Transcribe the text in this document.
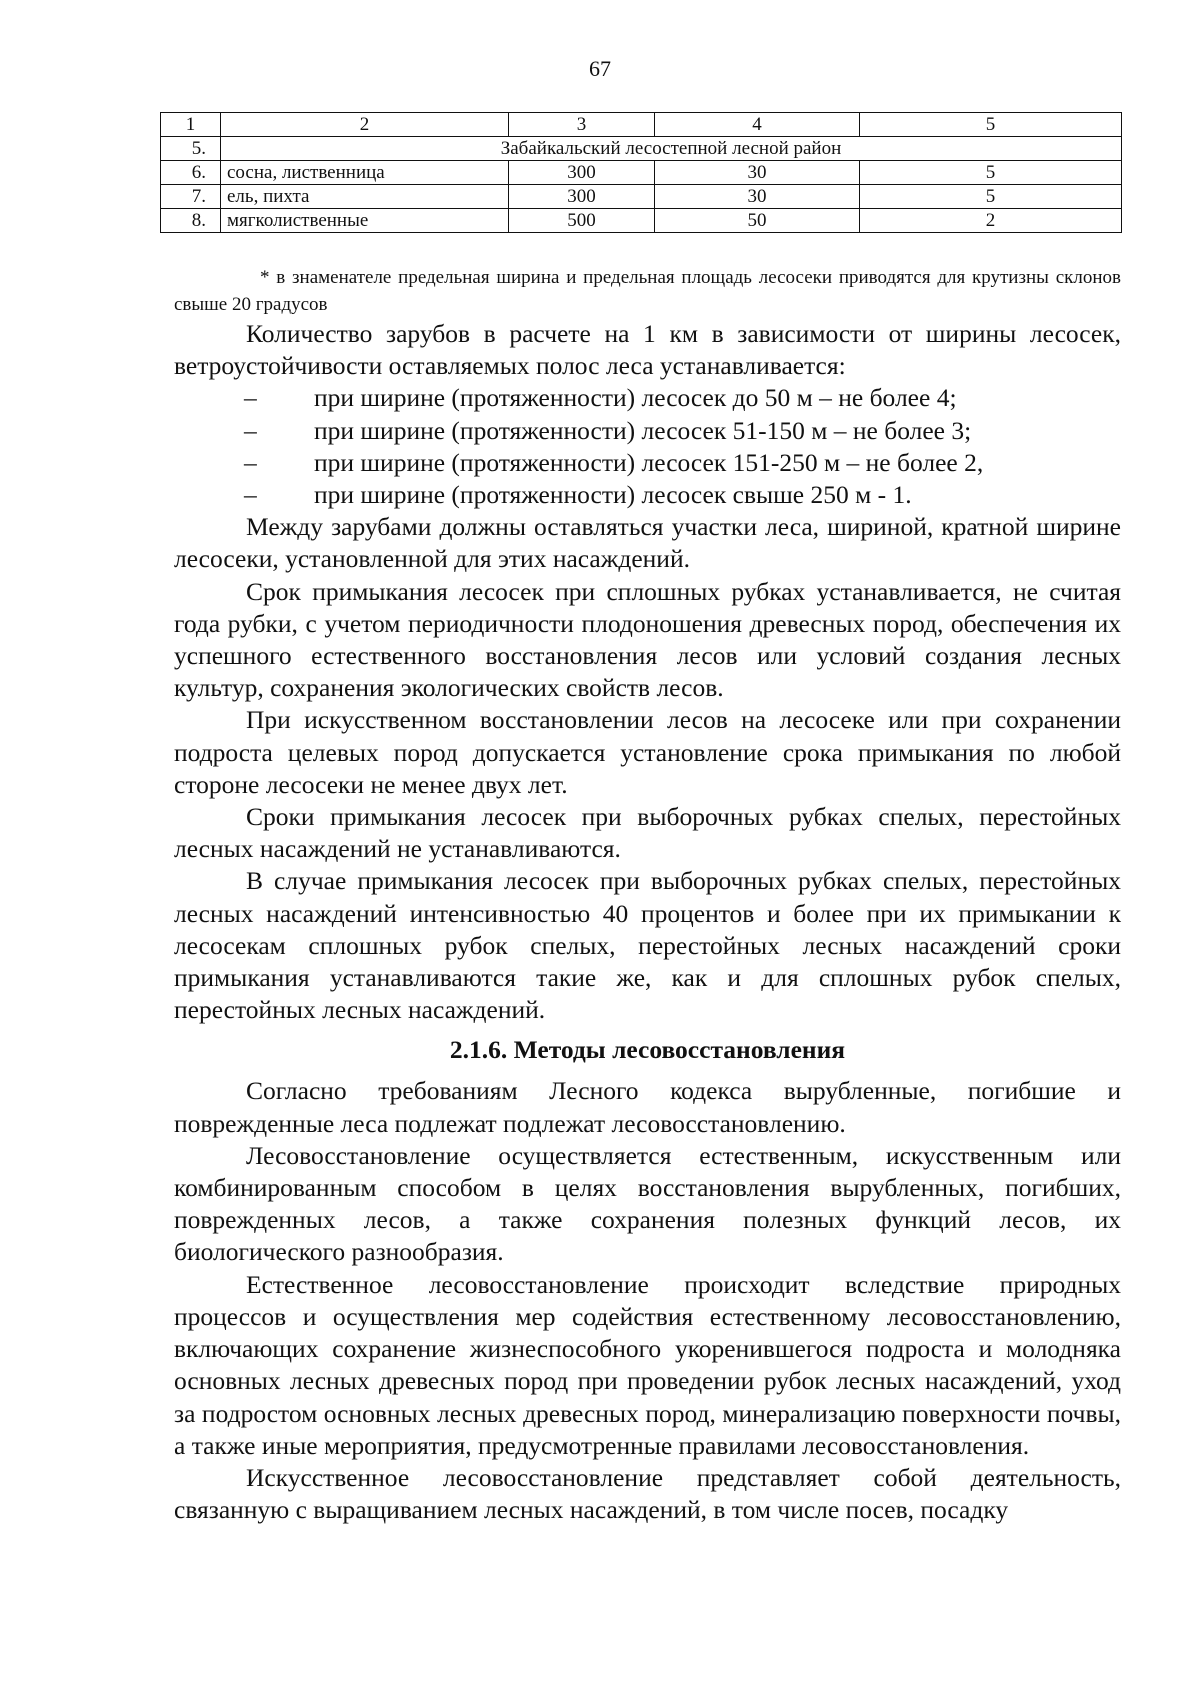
67
1	2	3	4	5
5.	Забайкальский лесостепной лесной район			
6.	сосна, лиственница	300	30	5
7.	ель, пихта	300	30	5
8.	мягколиственные	500	50	2

* в знаменателе предельная ширина и предельная площадь лесосеки приводятся для крутизны склонов свыше 20 градусов

Количество зарубов в расчете на 1 км в зависимости от ширины лесосек, ветроустойчивости оставляемых полос леса устанавливается:

– при ширине (протяженности) лесосек до 50 м – не более 4;
– при ширине (протяженности) лесосек 51-150 м – не более 3;
– при ширине (протяженности) лесосек 151-250 м – не более 2,
– при ширине (протяженности) лесосек свыше 250 м - 1.

Между зарубами должны оставляться участки леса, шириной, кратной ширине лесосеки, установленной для этих насаждений.

Срок примыкания лесосек при сплошных рубках устанавливается, не считая года рубки, с учетом периодичности плодоношения древесных пород, обеспечения их успешного естественного восстановления лесов или условий создания лесных культур, сохранения экологических свойств лесов.

При искусственном восстановлении лесов на лесосеке или при сохранении подроста целевых пород допускается установление срока примыкания по любой стороне лесосеки не менее двух лет.

Сроки примыкания лесосек при выборочных рубках спелых, перестойных лесных насаждений не устанавливаются.

В случае примыкания лесосек при выборочных рубках спелых, перестойных лесных насаждений интенсивностью 40 процентов и более при их примыкании к лесосекам сплошных рубок спелых, перестойных лесных насаждений сроки примыкания устанавливаются такие же, как и для сплошных рубок спелых, перестойных лесных насаждений.

2.1.6. Методы лесовосстановления

Согласно требованиям Лесного кодекса вырубленные, погибшие и поврежденные леса подлежат подлежат лесовосстановлению.

Лесовосстановление осуществляется естественным, искусственным или комбинированным способом в целях восстановления вырубленных, погибших, поврежденных лесов, а также сохранения полезных функций лесов, их биологического разнообразия.

Естественное лесовосстановление происходит вследствие природных процессов и осуществления мер содействия естественному лесовосстановлению, включающих сохранение жизнеспособного укоренившегося подроста и молодняка основных лесных древесных пород при проведении рубок лесных насаждений, уход за подростом основных лесных древесных пород, минерализацию поверхности почвы, а также иные мероприятия, предусмотренные правилами лесовосстановления.

Искусственное лесовосстановление представляет собой деятельность, связанную с выращиванием лесных насаждений, в том числе посев, посадку
